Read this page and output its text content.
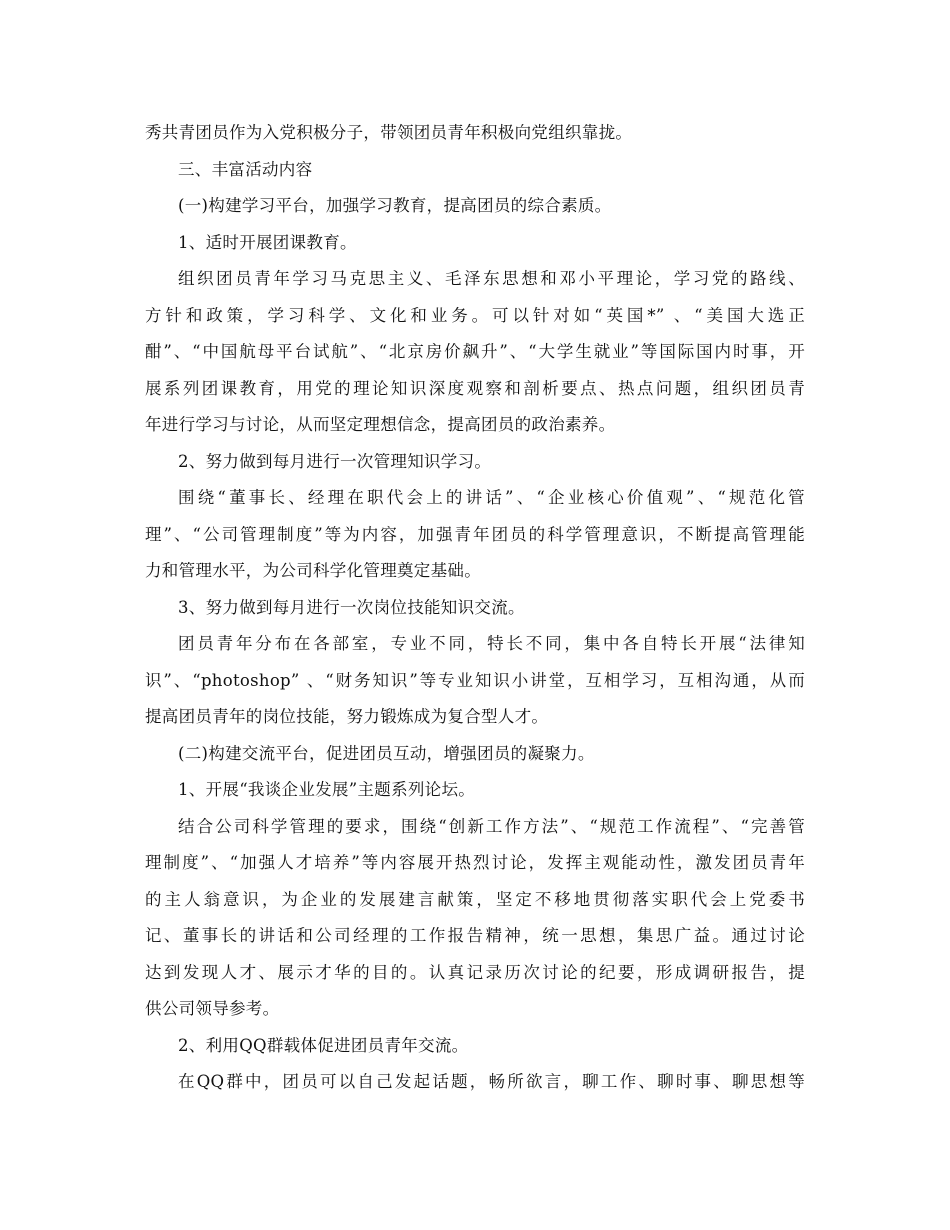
秀共青团员作为入党积极分子，带领团员青年积极向党组织靠拢。
三、丰富活动内容
(一)构建学习平台，加强学习教育，提高团员的综合素质。
1、适时开展团课教育。
组织团员青年学习马克思主义、毛泽东思想和邓小平理论，学习党的路线、
方针和政策，学习科学、文化和业务。可以针对如“英国*” 、“美国大选正
酣”、“中国航母平台试航”、“北京房价飙升”、“大学生就业”等国际国内时事，开
展系列团课教育，用党的理论知识深度观察和剖析要点、热点问题，组织团员青
年进行学习与讨论，从而坚定理想信念，提高团员的政治素养。
2、努力做到每月进行一次管理知识学习。
围绕“董事长、经理在职代会上的讲话”、“企业核心价值观”、“规范化管
理”、“公司管理制度”等为内容，加强青年团员的科学管理意识，不断提高管理能
力和管理水平，为公司科学化管理奠定基础。
3、努力做到每月进行一次岗位技能知识交流。
团员青年分布在各部室，专业不同，特长不同，集中各自特长开展“法律知
识”、“photoshop” 、“财务知识”等专业知识小讲堂，互相学习，互相沟通，从而
提高团员青年的岗位技能，努力锻炼成为复合型人才。
(二)构建交流平台，促进团员互动，增强团员的凝聚力。
1、开展“我谈企业发展”主题系列论坛。
结合公司科学管理的要求，围绕“创新工作方法”、“规范工作流程”、“完善管
理制度”、“加强人才培养”等内容展开热烈讨论，发挥主观能动性，激发团员青年
的主人翁意识，为企业的发展建言献策，坚定不移地贯彻落实职代会上党委书
记、董事长的讲话和公司经理的工作报告精神，统一思想，集思广益。通过讨论
达到发现人才、展示才华的目的。认真记录历次讨论的纪要，形成调研报告，提
供公司领导参考。
2、利用QQ群载体促进团员青年交流。
在QQ群中，团员可以自己发起话题，畅所欲言，聊工作、聊时事、聊思想等
